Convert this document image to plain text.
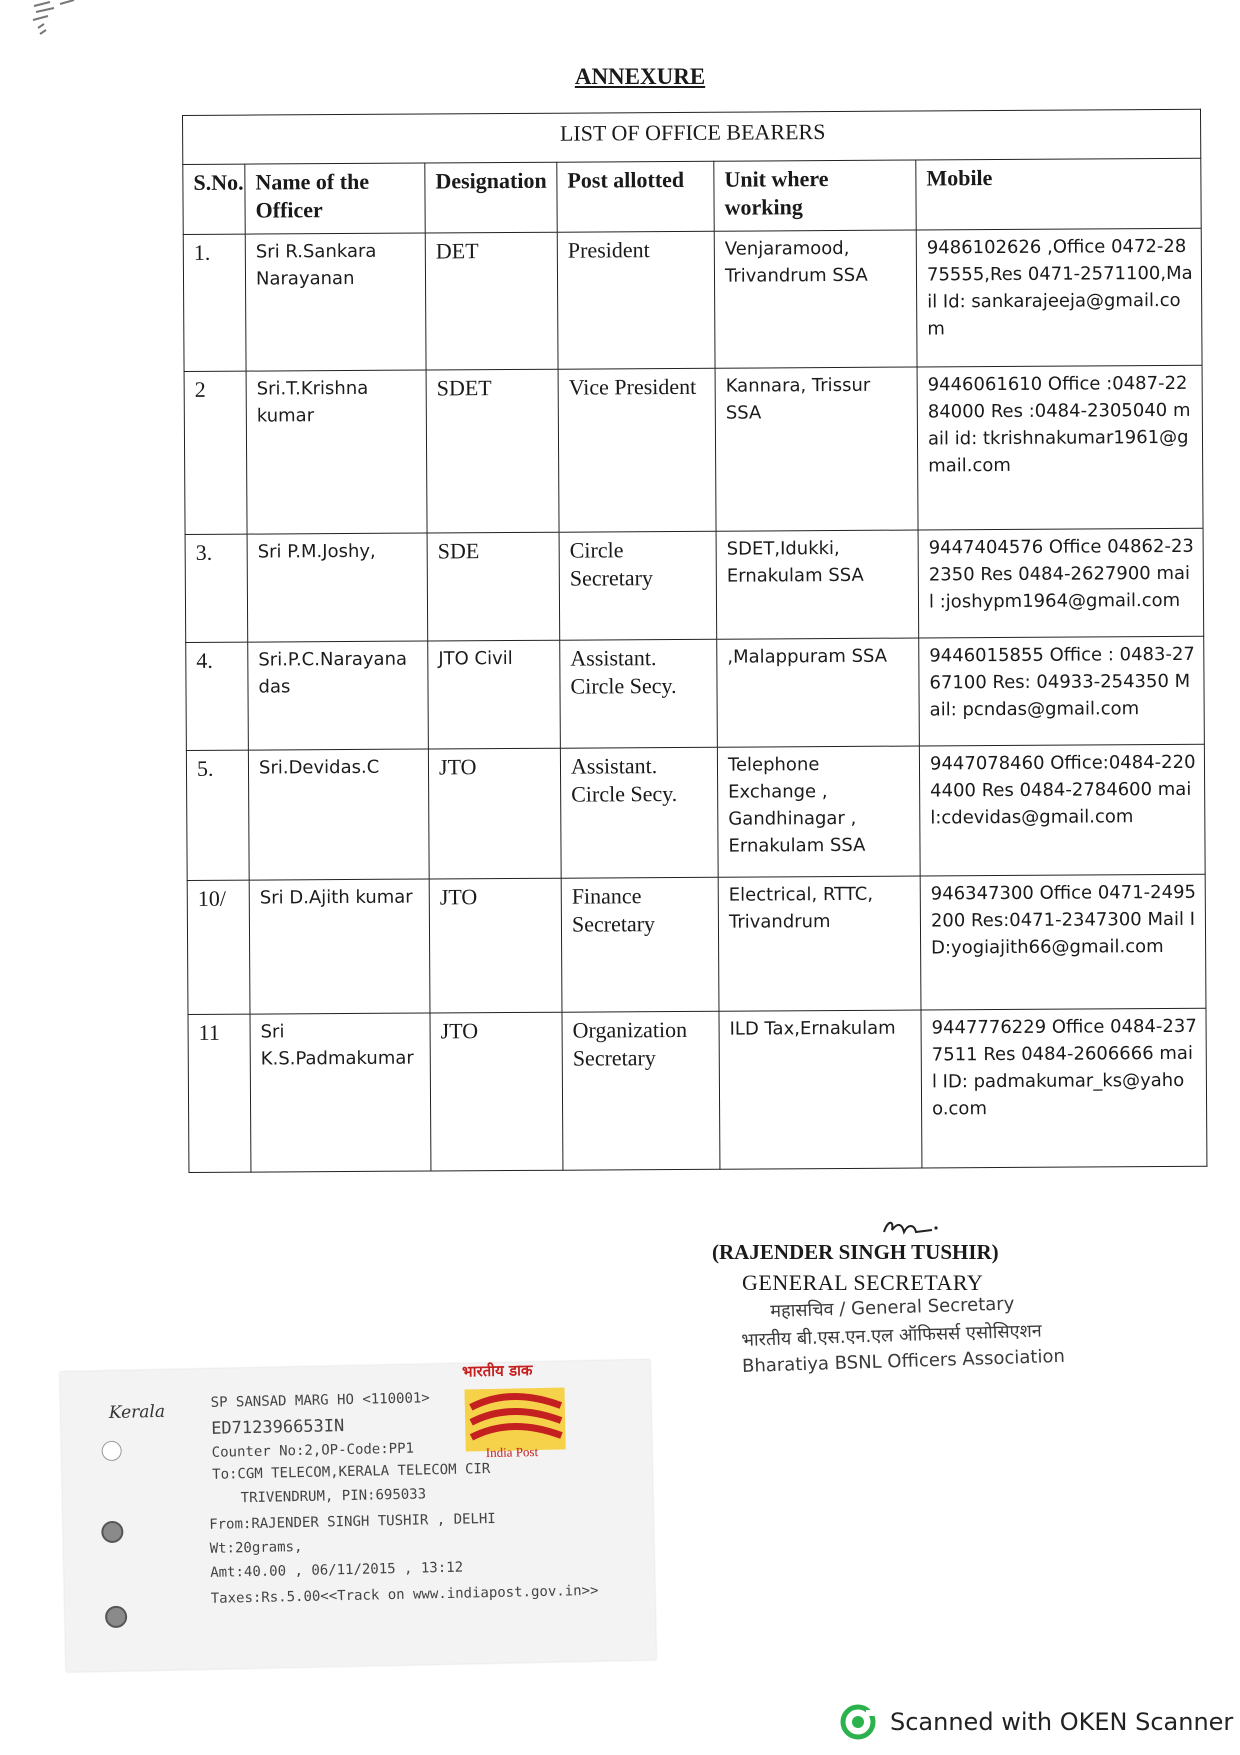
ANNEXURE
LIST OF OFFICE BEARERS					
S.No.	Name of the Officer	Designation	Post allotted	Unit where working	Mobile
1.	Sri R.Sankara Narayanan	DET	President	Venjaramood, Trivandrum SSA	9486102626 ,Office 0472-2875555,Res 0471-2571100,Mail Id: sankarajeeja@gmail.com
2	Sri.T.Krishna kumar	SDET	Vice President	Kannara, Trissur SSA	9446061610 Office :0487-2284000 Res :0484-2305040 mail id: tkrishnakumar1961@gmail.com
3.	Sri P.M.Joshy,	SDE	Circle Secretary	SDET,Idukki, Ernakulam SSA	9447404576 Office 04862-232350 Res 0484-2627900 mail :joshypm1964@gmail.com
4.	Sri.P.C.Narayana das	JTO Civil	Assistant. Circle Secy.	,Malappuram SSA	9446015855 Office : 0483-2767100 Res: 04933-254350 Mail: pcndas@gmail.com
5.	Sri.Devidas.C	JTO	Assistant. Circle Secy.	Telephone Exchange , Gandhinagar , Ernakulam SSA	9447078460 Office:0484-2204400 Res 0484-2784600 mail:cdevidas@gmail.com
10/	Sri D.Ajith kumar	JTO	Finance Secretary	Electrical, RTTC, Trivandrum	946347300 Office 0471-2495200 Res:0471-2347300 Mail ID:yogiajith66@gmail.com
11	Sri K.S.Padmakumar	JTO	Organization Secretary	ILD Tax,Ernakulam	9447776229 Office 0484-2377511 Res 0484-2606666 mail ID: padmakumar_ks@yahoo.com
(RAJENDER SINGH TUSHIR)
GENERAL SECRETARY
महासचिव / General Secretary
भारतीय बी.एस.एन.एल ऑफिसर्स एसोसिएशन
Bharatiya BSNL Officers Association
Kerala
भारतीय डाक
India Post
SP SANSAD MARG HO <110001>
ED712396653IN
Counter No:2,OP-Code:PP1
To:CGM TELECOM,KERALA TELECOM CIR
TRIVENDRUM, PIN:695033
From:RAJENDER SINGH TUSHIR , DELHI
Wt:20grams,
Amt:40.00 , 06/11/2015 , 13:12
Taxes:Rs.5.00<<Track on www.indiapost.gov.in>>
Scanned with OKEN Scanner
